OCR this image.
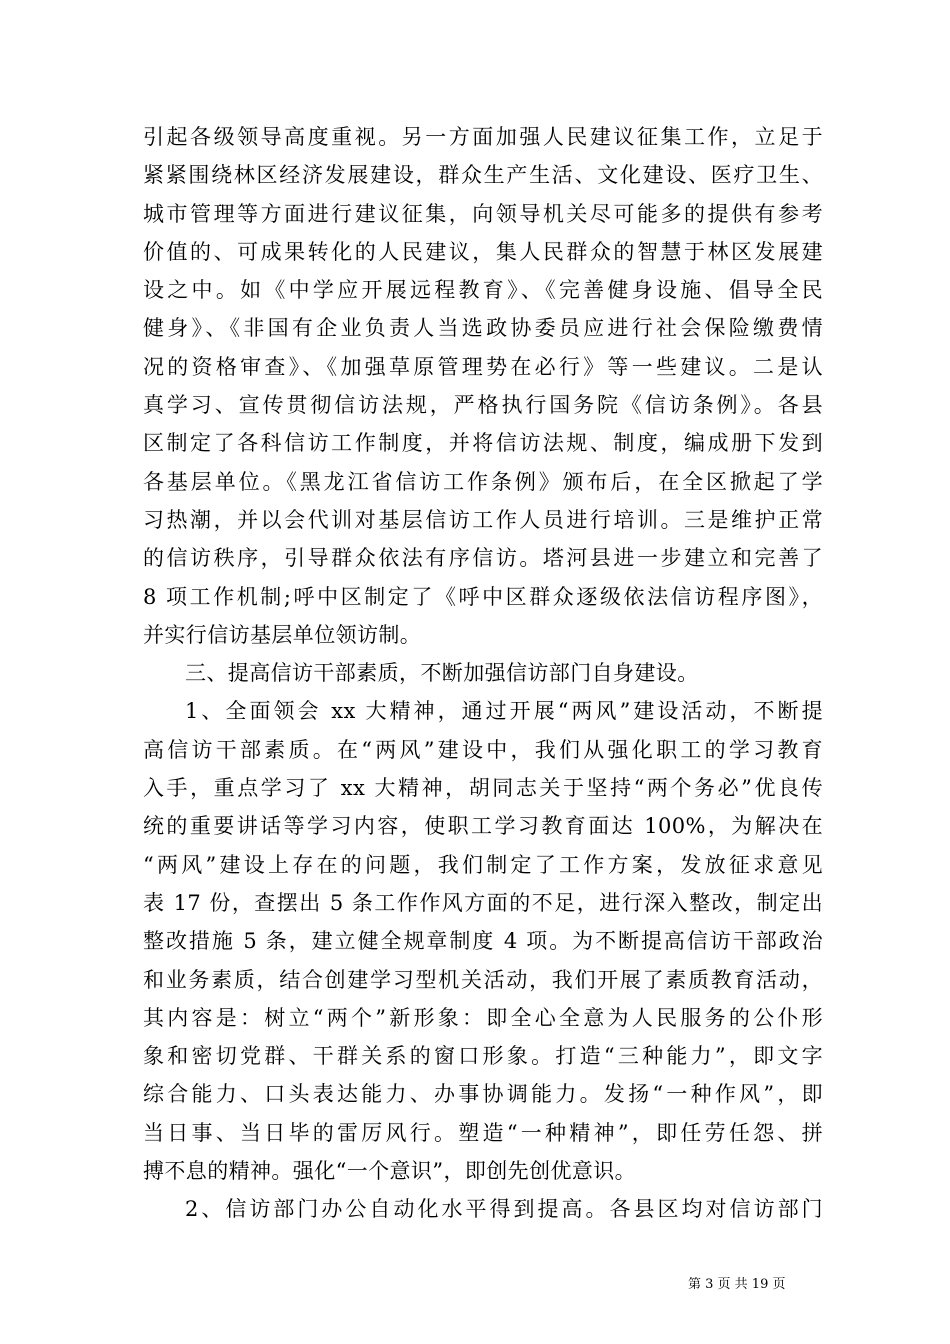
引起各级领导高度重视。另一方面加强人民建议征集工作，立足于
紧紧围绕林区经济发展建设，群众生产生活、文化建设、医疗卫生、
城市管理等方面进行建议征集，向领导机关尽可能多的提供有参考
价值的、可成果转化的人民建议，集人民群众的智慧于林区发展建
设之中。如《中学应开展远程教育》、《完善健身设施、倡导全民
健身》、《非国有企业负责人当选政协委员应进行社会保险缴费情
况的资格审查》、《加强草原管理势在必行》等一些建议。二是认
真学习、宣传贯彻信访法规，严格执行国务院《信访条例》。各县
区制定了各科信访工作制度，并将信访法规、制度，编成册下发到
各基层单位。《黑龙江省信访工作条例》颁布后，在全区掀起了学
习热潮，并以会代训对基层信访工作人员进行培训。三是维护正常
的信访秩序，引导群众依法有序信访。塔河县进一步建立和完善了
8 项工作机制;呼中区制定了《呼中区群众逐级依法信访程序图》，
并实行信访基层单位领访制。
三、提高信访干部素质，不断加强信访部门自身建设。
1、全面领会 xx 大精神，通过开展“两风”建设活动，不断提
高信访干部素质。在“两风”建设中，我们从强化职工的学习教育
入手，重点学习了 xx 大精神，胡同志关于坚持“两个务必”优良传
统的重要讲话等学习内容，使职工学习教育面达 100%，为解决在
“两风”建设上存在的问题，我们制定了工作方案，发放征求意见
表 17 份，查摆出 5 条工作作风方面的不足，进行深入整改，制定出
整改措施 5 条，建立健全规章制度 4 项。为不断提高信访干部政治
和业务素质，结合创建学习型机关活动，我们开展了素质教育活动，
其内容是：树立“两个”新形象：即全心全意为人民服务的公仆形
象和密切党群、干群关系的窗口形象。打造“三种能力”，即文字
综合能力、口头表达能力、办事协调能力。发扬“一种作风”，即
当日事、当日毕的雷厉风行。塑造“一种精神”，即任劳任怨、拼
搏不息的精神。强化“一个意识”，即创先创优意识。
2、信访部门办公自动化水平得到提高。各县区均对信访部门
第 3 页 共 19 页
